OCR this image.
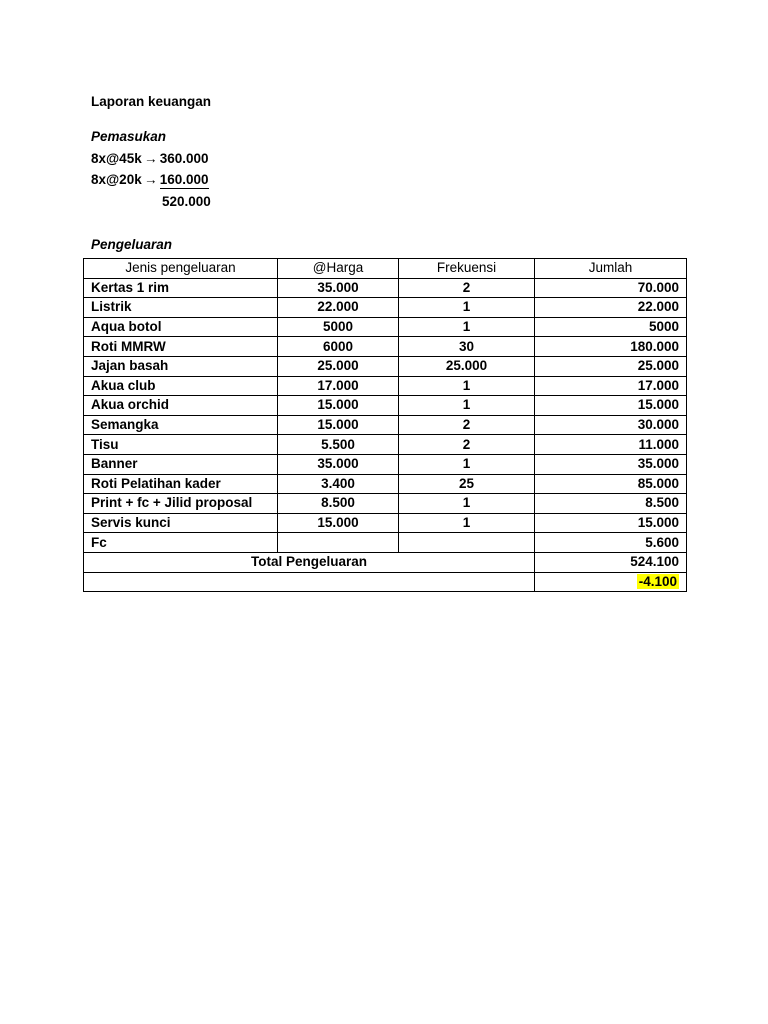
Laporan keuangan
Pemasukan
8x@45k → 360.000
8x@20k → 160.000
520.000
Pengeluaran
Jenis pengeluaran	@Harga	Frekuensi	Jumlah
Kertas 1 rim	35.000	2	70.000
Listrik	22.000	1	22.000
Aqua botol	5000	1	5000
Roti MMRW	6000	30	180.000
Jajan basah	25.000	25.000	25.000
Akua club	17.000	1	17.000
Akua orchid	15.000	1	15.000
Semangka	15.000	2	30.000
Tisu	5.500	2	11.000
Banner	35.000	1	35.000
Roti Pelatihan kader	3.400	25	85.000
Print + fc + Jilid proposal	8.500	1	8.500
Servis kunci	15.000	1	15.000
Fc			5.600
Total Pengeluaran			524.100
			-4.100
